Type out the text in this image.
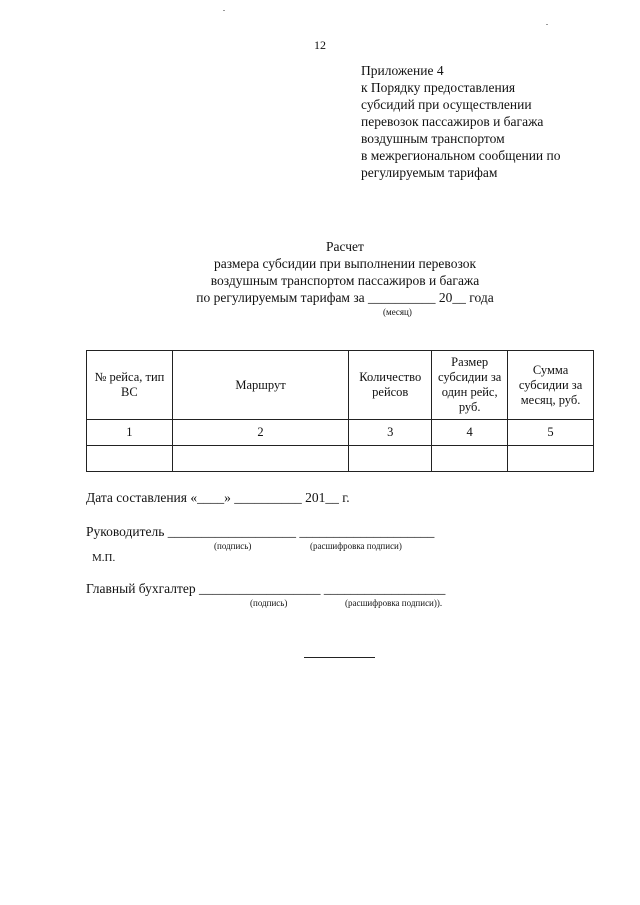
12
Приложение 4
к Порядку предоставления
субсидий при осуществлении
перевозок пассажиров и багажа
воздушным транспортом
в межрегиональном сообщении по
регулируемым тарифам
Расчет
размера субсидии при выполнении перевозок
воздушным транспортом пассажиров и багажа
по регулируемым тарифам за __________ 20__ года
(месяц)
№ рейса, тип ВС	Маршрут	Количество рейсов	Размер субсидии за один рейс, руб.	Сумма субсидии за месяц, руб.
1	2	3	4	5

Дата составления «____» __________ 201__ г.
Руководитель ___________________ ____________________
(подпись)	(расшифровка подписи)
М.П.
Главный бухгалтер __________________ __________________
(подпись)	(расшифровка подписи)).
